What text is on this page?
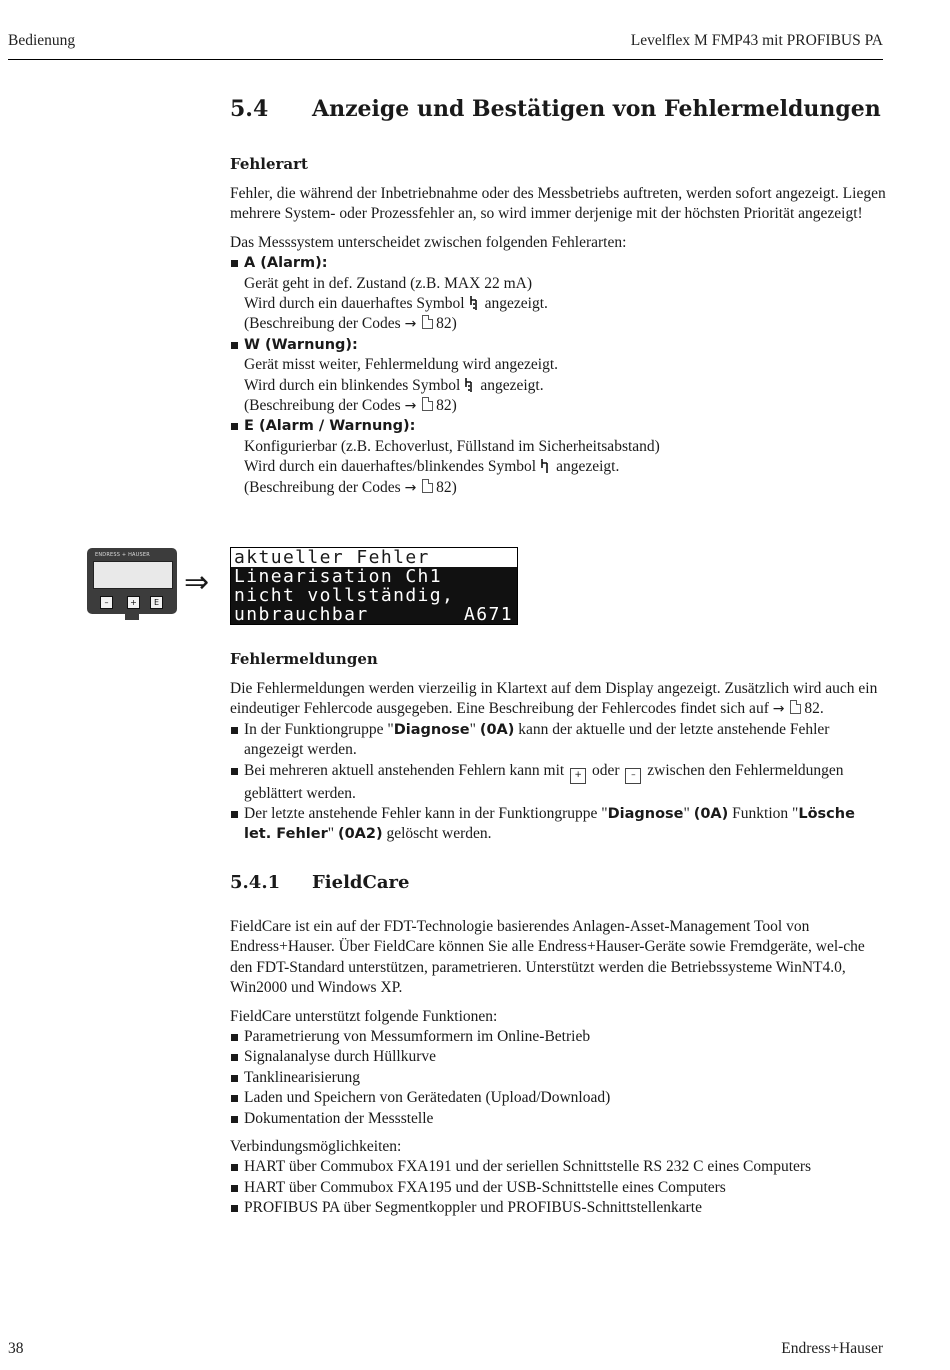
Bedienung	Levelflex M FMP43 mit PROFIBUS PA
5.4 Anzeige und Bestätigen von Fehlermeldungen
Fehlerart

Fehler, die während der Inbetriebnahme oder des Messbetriebs auftreten, werden sofort angezeigt. Liegen mehrere System- oder Prozessfehler an, so wird immer derjenige mit der höchsten Priorität angezeigt!

Das Messsystem unterscheidet zwischen folgenden Fehlerarten:

A (Alarm):
Gerät geht in def. Zustand (z.B. MAX 22 mA)
Wird durch ein dauerhaftes Symbol angezeigt.
(Beschreibung der Codes → 82)
W (Warnung):
Gerät misst weiter, Fehlermeldung wird angezeigt.
Wird durch ein blinkendes Symbol angezeigt.
(Beschreibung der Codes → 82)
E (Alarm / Warnung):
Konfigurierbar (z.B. Echoverlust, Füllstand im Sicherheitsabstand)
Wird durch ein dauerhaftes/blinkendes Symbol angezeigt.
(Beschreibung der Codes → 82)
ENDRESS + HAUSER
–	+	E
⇒
aktueller Fehler
Linearisation Ch1
nicht vollständig,
unbrauchbar	A671
Fehlermeldungen

Die Fehlermeldungen werden vierzeilig in Klartext auf dem Display angezeigt. Zusätzlich wird auch ein eindeutiger Fehlercode ausgegeben. Eine Beschreibung der Fehlercodes findet sich auf → 82.

In der Funktiongruppe "Diagnose" (0A) kann der aktuelle und der letzte anstehende Fehler angezeigt werden.
Bei mehreren aktuell anstehenden Fehlern kann mit + oder – zwischen den Fehlermeldungen geblättert werden.
Der letzte anstehende Fehler kann in der Funktiongruppe "Diagnose" (0A) Funktion "Lösche let. Fehler" (0A2) gelöscht werden.
5.4.1 FieldCare

FieldCare ist ein auf der FDT-Technologie basierendes Anlagen-Asset-Management Tool von Endress+Hauser. Über FieldCare können Sie alle Endress+Hauser-Geräte sowie Fremdgeräte, wel-che den FDT-Standard unterstützen, parametrieren. Unterstützt werden die Betriebssysteme WinNT4.0, Win2000 und Windows XP.

FieldCare unterstützt folgende Funktionen:

Parametrierung von Messumformern im Online-Betrieb
Signalanalyse durch Hüllkurve
Tanklinearisierung
Laden und Speichern von Gerätedaten (Upload/Download)
Dokumentation der Messstelle

Verbindungsmöglichkeiten:

HART über Commubox FXA191 und der seriellen Schnittstelle RS 232 C eines Computers
HART über Commubox FXA195 und der USB-Schnittstelle eines Computers
PROFIBUS PA über Segmentkoppler und PROFIBUS-Schnittstellenkarte
38	Endress+Hauser
